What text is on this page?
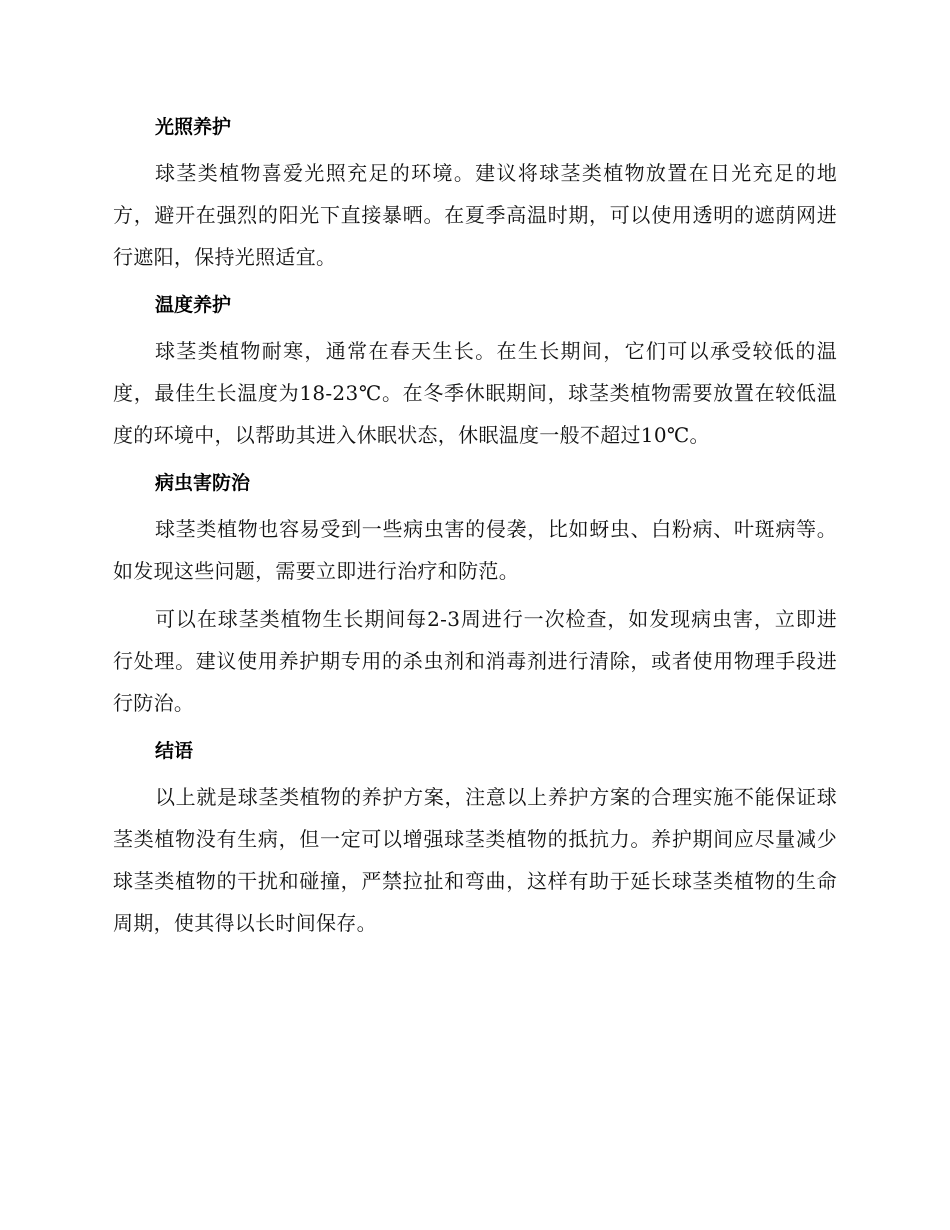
光照养护

球茎类植物喜爱光照充足的环境。建议将球茎类植物放置在日光充足的地方，避开在强烈的阳光下直接暴晒。在夏季高温时期，可以使用透明的遮荫网进行遮阳，保持光照适宜。

温度养护

球茎类植物耐寒，通常在春天生长。在生长期间，它们可以承受较低的温度，最佳生长温度为18-23℃。在冬季休眠期间，球茎类植物需要放置在较低温度的环境中，以帮助其进入休眠状态，休眠温度一般不超过10℃。

病虫害防治

球茎类植物也容易受到一些病虫害的侵袭，比如蚜虫、白粉病、叶斑病等。如发现这些问题，需要立即进行治疗和防范。

可以在球茎类植物生长期间每2-3周进行一次检查，如发现病虫害，立即进行处理。建议使用养护期专用的杀虫剂和消毒剂进行清除，或者使用物理手段进行防治。

结语

以上就是球茎类植物的养护方案，注意以上养护方案的合理实施不能保证球茎类植物没有生病，但一定可以增强球茎类植物的抵抗力。养护期间应尽量减少球茎类植物的干扰和碰撞，严禁拉扯和弯曲，这样有助于延长球茎类植物的生命周期，使其得以长时间保存。
